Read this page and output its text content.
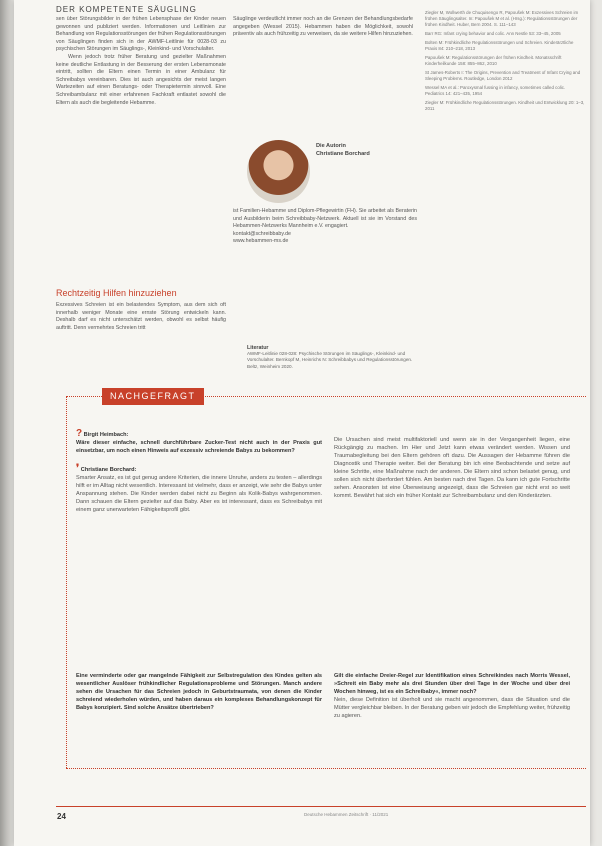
DER KOMPETENTE SÄUGLING

sen über Störungsbilder in der frühen Lebensphase der Kinder neuen gewonnen und publiziert werden. Informationen und Leitlinien zur Behandlung von Regulationsstörungen der frühen Regulationsstörungen von Säuglingen finden sich in der AWMF-Leitlinie für 0028-03 zu psychischen Störungen im Säuglings-, Kleinkind- und Vorschulalter.

Wenn jedoch trotz früher Beratung und gezielter Maßnahmen keine deutliche Entlastung in der Besserung der ersten Lebensmonate eintritt, sollten die Eltern einen Termin in einer Ambulanz für Schreibabys vereinbaren. Dies ist auch angesichts der meist langen Wartezeiten auf einen Beratungs- oder Therapietermin sinnvoll. Eine Schreibambulanz mit einer erfahrenen Fachkraft entlastet sowohl die Eltern als auch die begleitende Hebamme.

Rechtzeitig Hilfen hinzuziehen

Exzessives Schreien ist ein belastendes Symptom, aus dem sich oft innerhalb weniger Monate eine ernste Störung entwickeln kann. Deshalb darf es nicht unterschätzt werden, obwohl es selbst häufig auftritt. Denn vermehrtes Schreien tritt

Säuglinge verdeutlicht immer noch an die Grenzen der Behandlungsbedarfe angegeben (Wessel 2015). Hebammen haben die Möglichkeit, sowohl präventiv als auch frühzeitig zu verweisen, da sie weitere Hilfen hinzuziehen.

Die Autorin
Christiane Borchard

ist Familien-Hebamme und Diplom-Pflegewirtin (FH). Sie arbeitet als Beraterin und Ausbilderin beim Schreibbaby-Netzwerk. Aktuell ist sie im Vorstand des Hebammen-Netzwerks Mannheim e.V. engagiert.

kontakt@schreibbaby.de

www.hebammen-ms.de

Literatur
AWMF-Leitlinie 028-028: Psychische Störungen im Säuglings-, Kleinkind- und Vorschulalter. Bernkopf M, Heinrichs N: Schreibbabys und Regulationsstörungen. Beltz, Weinheim 2020.

Ziegler M, Wollwerth de Chuquisengo R, Papoušek M: Exzessives Schreien im frühen Säuglingsalter. In: Papoušek M et al. (Hrsg.): Regulationsstörungen der frühen Kindheit. Huber, Bern 2004. S. 111–143

Barr RG: Infant crying behavior and colic. Ann Nestle 53: 33–45, 2005

Bolten M: Frühkindliche Regulationsstörungen und Schreien. Kinderärztliche Praxis 84: 210–218, 2013

Papoušek M: Regulationsstörungen der frühen Kindheit. Monatsschrift Kinderheilkunde 158: 855–862, 2010

St James-Roberts I: The Origins, Prevention and Treatment of Infant Crying and Sleeping Problems. Routledge, London 2012

Wessel MA et al.: Paroxysmal fussing in infancy, sometimes called colic. Pediatrics 14: 421–435, 1954

Ziegler M: Frühkindliche Regulationsstörungen. Kindheit und Entwicklung 20: 1–3, 2011

NACHGEFRAGT

? Birgit Heimbach:

Wäre dieser einfache, schnell durchführbare Zucker-Test nicht auch in der Praxis gut einsetzbar, um noch einen Hinweis auf exzessiv schreiende Babys zu bekommen?

❜ Christiane Borchard:

Smarter Ansatz, es ist gut genug andere Kriterien, die innere Unruhe, anders zu testen – allerdings hilft er im Alltag nicht wesentlich. Interessant ist vielmehr, dass er anzeigt, wie sehr die Babys unter Anspannung stehen. Die Kinder werden dabei nicht zu Beginn als Kolik-Babys wahrgenommen. Dann schauen die Eltern gezielter auf das Baby. Aber es ist interessant, dass es Schreibabys mit einem ganz unerwarteten Fähigkeitsprofil gibt.

Die Ursachen sind meist multifaktoriell und wenn sie in der Vergangenheit liegen, eine Rückgängig zu machen. Im Hier und Jetzt kann etwas verändert werden. Wissen und Traumabegleitung bei den Eltern gehören oft dazu. Die Aussagen der Hebamme führen die Diagnostik und Therapie weiter. Bei der Beratung bin ich eine Beobachtende und setze auf kleine Schritte, eine Maßnahme nach der anderen. Die Eltern sind schon belastet genug, und sollen sich nicht überfordert fühlen. Am besten nach drei Tagen. Da kann ich gute Fortschritte sehen. Ansonsten ist eine Überweisung angezeigt, dass die Schreien gar nicht erst so weit kommt. Bewährt hat sich ein früher Kontakt zur Schreibambulanz und den Kinderärzten.

Eine verminderte oder gar mangelnde Fähigkeit zur Selbstregulation des Kindes gelten als wesentlicher Auslöser frühkindlicher Regulationsprobleme und Störungen. Manch andere sehen die Ursachen für das Schreien jedoch in Geburtstraumata, von denen die Kinder schreiend wiederholen würden, und haben daraus ein komplexes Behandlungskonzept für Babys konzipiert. Sind solche Ansätze übertrieben?

Gilt die einfache Dreier-Regel zur Identifikation eines Schreikindes nach Morris Wessel, »Schreit ein Baby mehr als drei Stunden über drei Tage in der Woche und über drei Wochen hinweg, ist es ein Schreibaby«, immer noch?

Nein, diese Definition ist überholt und sie macht angenommen, dass die Situation und die Mütter vergleichbar bleiben. In der Beratung geben wir jedoch die Empfehlung weiter, frühzeitig zu agieren.

24	Deutsche Hebammen Zeitschrift · 11/2021
